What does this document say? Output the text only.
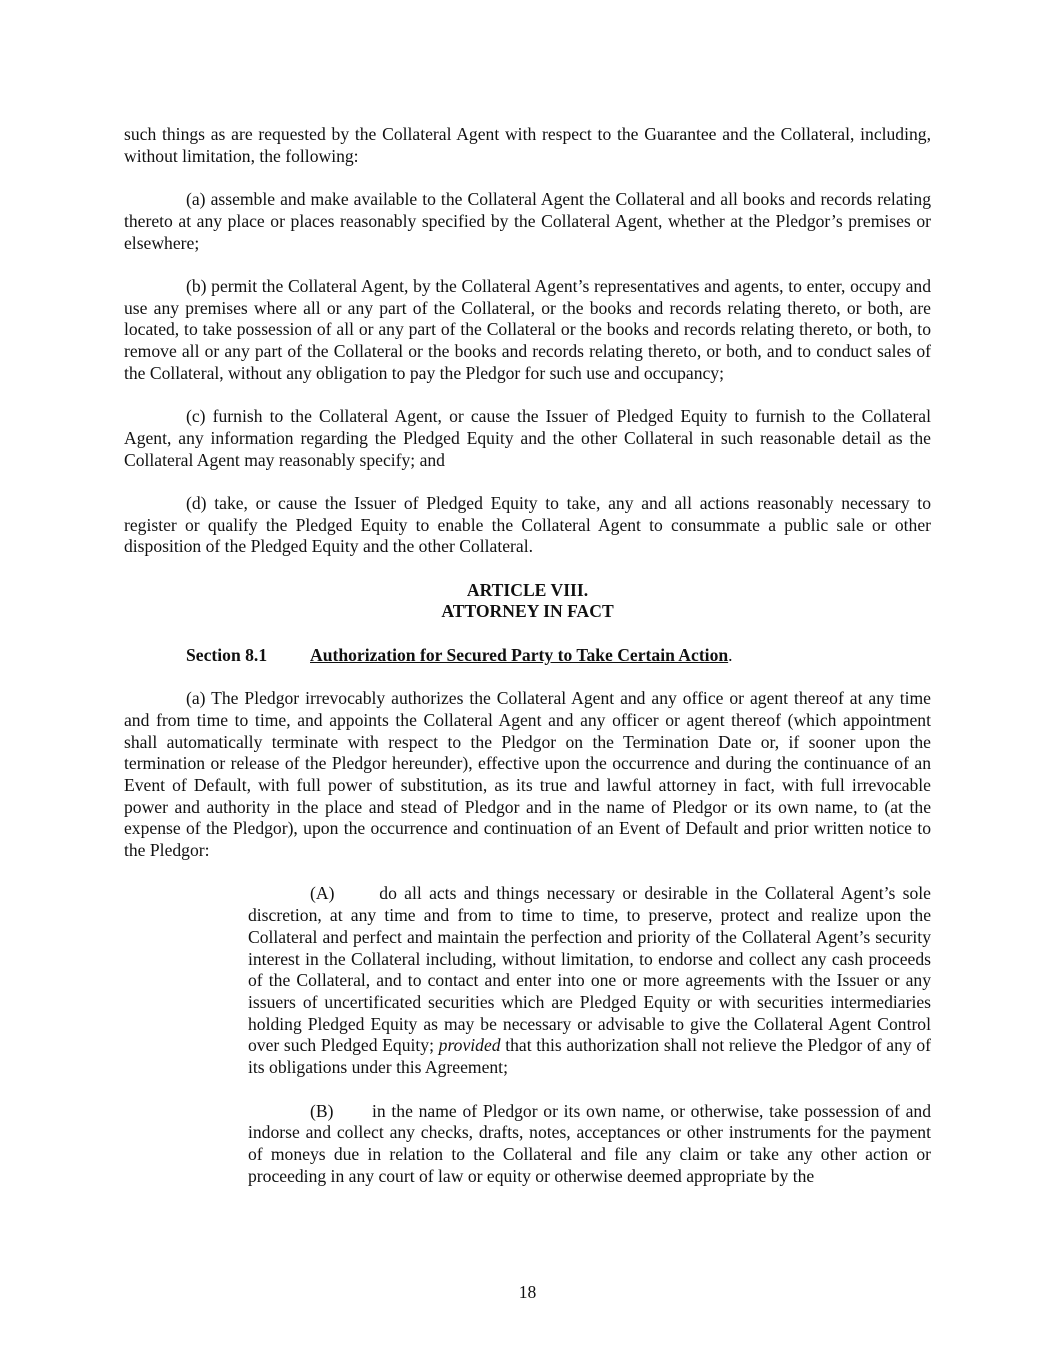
such things as are requested by the Collateral Agent with respect to the Guarantee and the Collateral, including, without limitation, the following:

(a) assemble and make available to the Collateral Agent the Collateral and all books and records relating thereto at any place or places reasonably specified by the Collateral Agent, whether at the Pledgor’s premises or elsewhere;

(b) permit the Collateral Agent, by the Collateral Agent’s representatives and agents, to enter, occupy and use any premises where all or any part of the Collateral, or the books and records relating thereto, or both, are located, to take possession of all or any part of the Collateral or the books and records relating thereto, or both, to remove all or any part of the Collateral or the books and records relating thereto, or both, and to conduct sales of the Collateral, without any obligation to pay the Pledgor for such use and occupancy;

(c) furnish to the Collateral Agent, or cause the Issuer of Pledged Equity to furnish to the Collateral Agent, any information regarding the Pledged Equity and the other Collateral in such reasonable detail as the Collateral Agent may reasonably specify; and

(d) take, or cause the Issuer of Pledged Equity to take, any and all actions reasonably necessary to register or qualify the Pledged Equity to enable the Collateral Agent to consummate a public sale or other disposition of the Pledged Equity and the other Collateral.

ARTICLE VIII.

ATTORNEY IN FACT

Section 8.1 Authorization for Secured Party to Take Certain Action.

(a) The Pledgor irrevocably authorizes the Collateral Agent and any office or agent thereof at any time and from time to time, and appoints the Collateral Agent and any officer or agent thereof (which appointment shall automatically terminate with respect to the Pledgor on the Termination Date or, if sooner upon the termination or release of the Pledgor hereunder), effective upon the occurrence and during the continuance of an Event of Default, with full power of substitution, as its true and lawful attorney in fact, with full irrevocable power and authority in the place and stead of Pledgor and in the name of Pledgor or its own name, to (at the expense of the Pledgor), upon the occurrence and continuation of an Event of Default and prior written notice to the Pledgor:

(A) do all acts and things necessary or desirable in the Collateral Agent’s sole discretion, at any time and from to time to time, to preserve, protect and realize upon the Collateral and perfect and maintain the perfection and priority of the Collateral Agent’s security interest in the Collateral including, without limitation, to endorse and collect any cash proceeds of the Collateral, and to contact and enter into one or more agreements with the Issuer or any issuers of uncertificated securities which are Pledged Equity or with securities intermediaries holding Pledged Equity as may be necessary or advisable to give the Collateral Agent Control over such Pledged Equity; provided that this authorization shall not relieve the Pledgor of any of its obligations under this Agreement;

(B) in the name of Pledgor or its own name, or otherwise, take possession of and indorse and collect any checks, drafts, notes, acceptances or other instruments for the payment of moneys due in relation to the Collateral and file any claim or take any other action or proceeding in any court of law or equity or otherwise deemed appropriate by the

18
